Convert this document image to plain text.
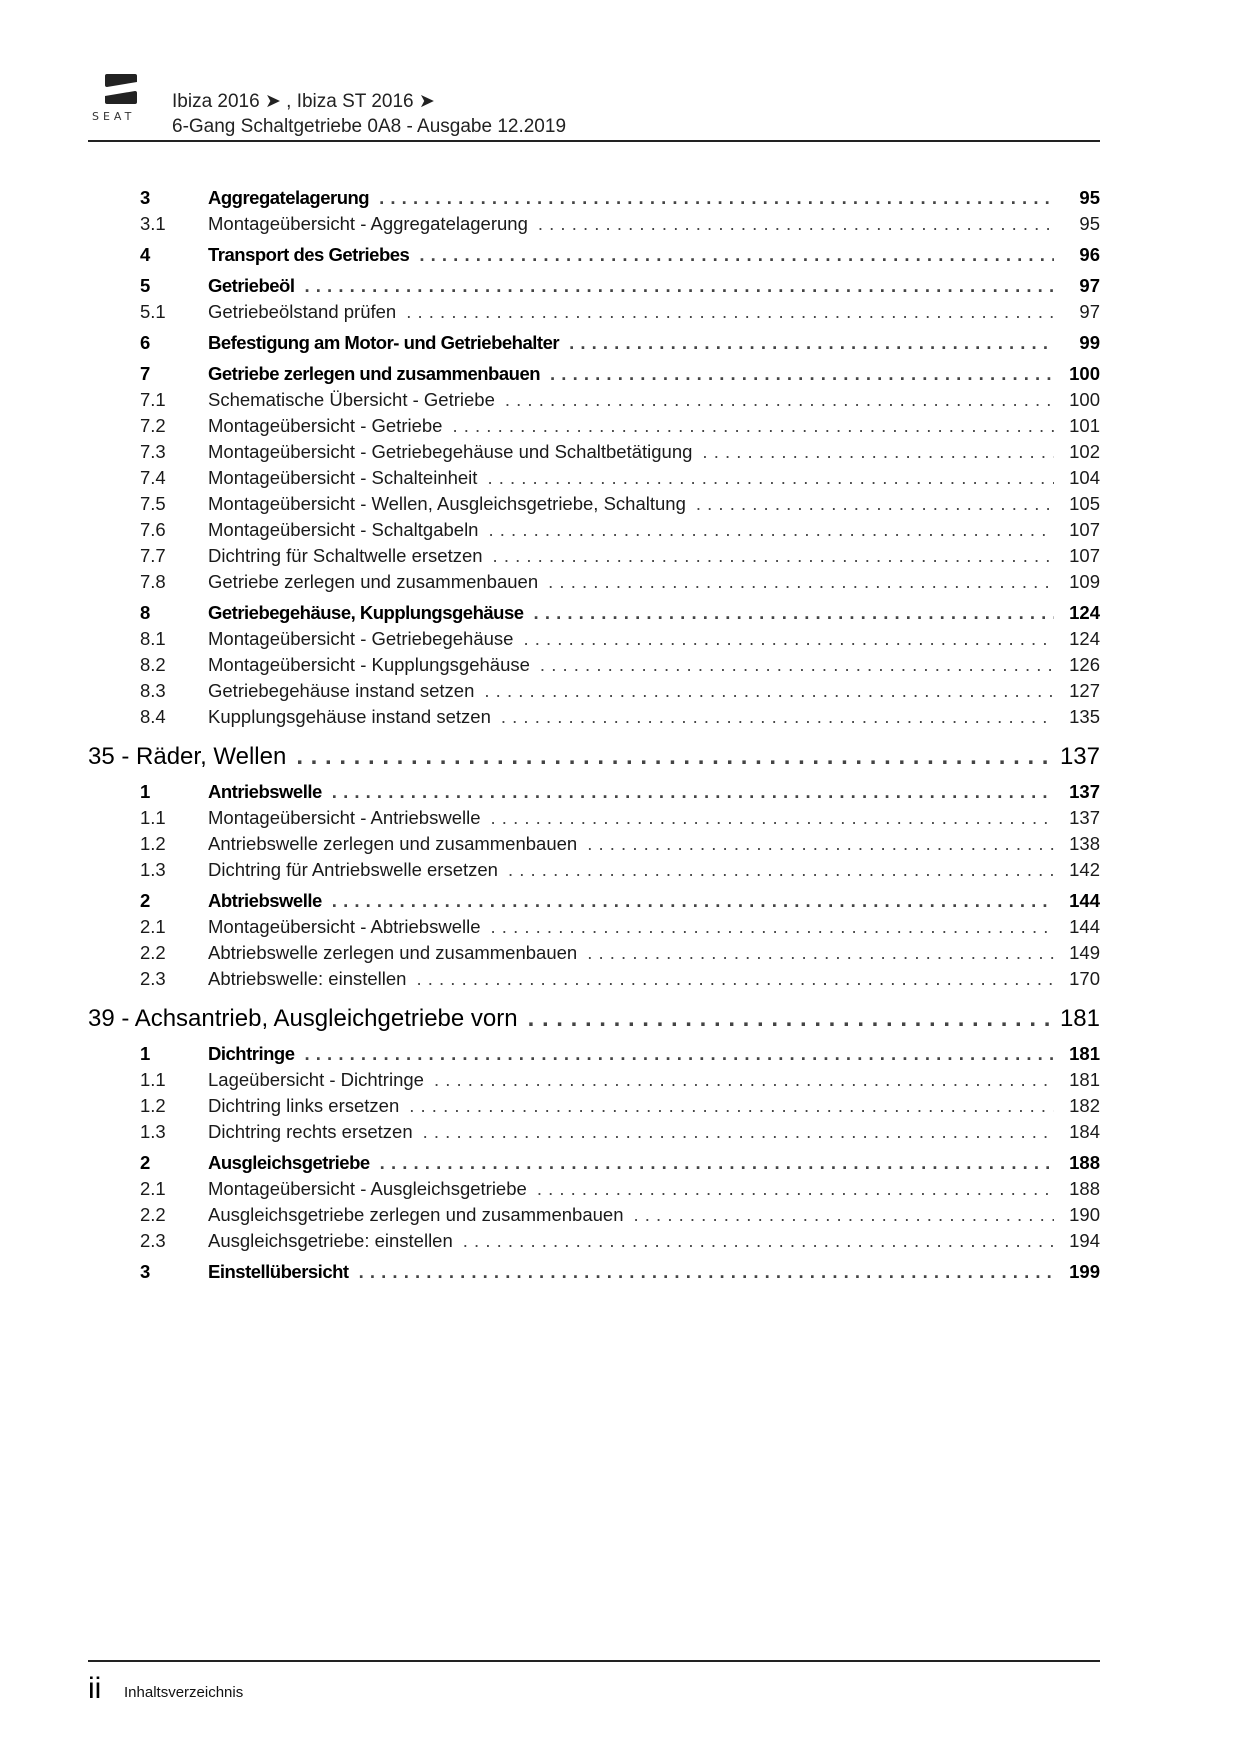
SEAT
Ibiza 2016 ➤ , Ibiza ST 2016 ➤
6-Gang Schaltgetriebe 0A8 - Ausgabe 12.2019
3	Aggregatelagerung . . .	95
3.1	Montageübersicht - Aggregatelagerung . . .	95
4	Transport des Getriebes . . .	96
5	Getriebeöl . . .	97
5.1	Getriebeölstand prüfen . . .	97
6	Befestigung am Motor- und Getriebehalter . . .	99
7	Getriebe zerlegen und zusammenbauen . . .	100
7.1	Schematische Übersicht - Getriebe . . .	100
7.2	Montageübersicht - Getriebe . . .	101
7.3	Montageübersicht - Getriebegehäuse und Schaltbetätigung . . .	102
7.4	Montageübersicht - Schalteinheit . . .	104
7.5	Montageübersicht - Wellen, Ausgleichsgetriebe, Schaltung . . .	105
7.6	Montageübersicht - Schaltgabeln . . .	107
7.7	Dichtring für Schaltwelle ersetzen . . .	107
7.8	Getriebe zerlegen und zusammenbauen . . .	109
8	Getriebegehäuse, Kupplungsgehäuse . . .	124
8.1	Montageübersicht - Getriebegehäuse . . .	124
8.2	Montageübersicht - Kupplungsgehäuse . . .	126
8.3	Getriebegehäuse instand setzen . . .	127
8.4	Kupplungsgehäuse instand setzen . . .	135
35 - Räder, Wellen . . .	137
1	Antriebswelle . . .	137
1.1	Montageübersicht - Antriebswelle . . .	137
1.2	Antriebswelle zerlegen und zusammenbauen . . .	138
1.3	Dichtring für Antriebswelle ersetzen . . .	142
2	Abtriebswelle . . .	144
2.1	Montageübersicht - Abtriebswelle . . .	144
2.2	Abtriebswelle zerlegen und zusammenbauen . . .	149
2.3	Abtriebswelle: einstellen . . .	170
39 - Achsantrieb, Ausgleichgetriebe vorn . . .	181
1	Dichtringe . . .	181
1.1	Lageübersicht - Dichtringe . . .	181
1.2	Dichtring links ersetzen . . .	182
1.3	Dichtring rechts ersetzen . . .	184
2	Ausgleichsgetriebe . . .	188
2.1	Montageübersicht - Ausgleichsgetriebe . . .	188
2.2	Ausgleichsgetriebe zerlegen und zusammenbauen . . .	190
2.3	Ausgleichsgetriebe: einstellen . . .	194
3	Einstellübersicht . . .	199
ii Inhaltsverzeichnis
